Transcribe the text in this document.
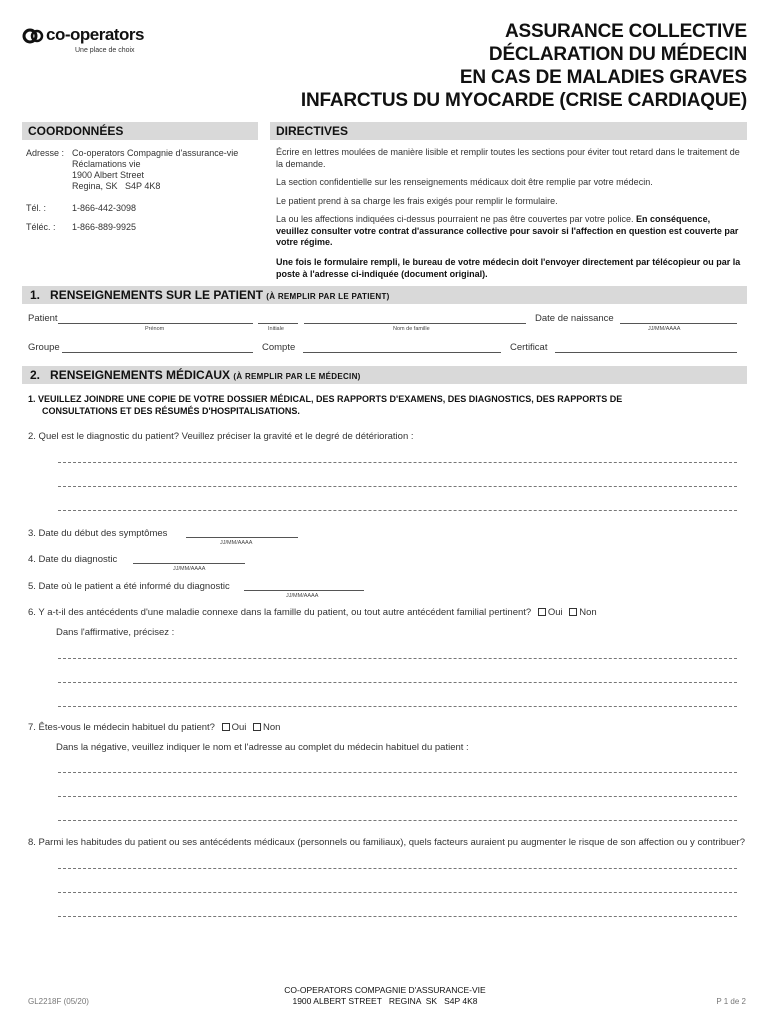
co-operators
Une place de choix
ASSURANCE COLLECTIVE
DÉCLARATION DU MÉDECIN
EN CAS DE MALADIES GRAVES
INFARCTUS DU MYOCARDE (CRISE CARDIAQUE)
COORDONNÉES	DIRECTIVES
Adresse : Co-operators Compagnie d'assurance-vie
Réclamations vie
1900 Albert Street
Regina, SK   S4P 4K8
Tél. :	1-866-442-3098
Téléc. : 1-866-889-9925
Écrire en lettres moulées de manière lisible et remplir toutes les sections pour éviter tout retard dans le traitement de la demande.
La section confidentielle sur les renseignements médicaux doit être remplie par votre médecin.
Le patient prend à sa charge les frais exigés pour remplir le formulaire.
La ou les affections indiquées ci-dessus pourraient ne pas être couvertes par votre police. En conséquence, veuillez consulter votre contrat d'assurance collective pour savoir si l'affection en question est couverte par votre régime.
Une fois le formulaire rempli, le bureau de votre médecin doit l'envoyer directement par télécopieur ou par la poste à l'adresse ci-indiquée (document original).
1. RENSEIGNEMENTS SUR LE PATIENT (À REMPLIR PAR LE PATIENT)
Patient
Prénom	Initiale	Nom de famille
Date de naissance
JJ/MM/AAAA
Groupe	Compte	Certificat
2. RENSEIGNEMENTS MÉDICAUX (À REMPLIR PAR LE MÉDECIN)
1. VEUILLEZ JOINDRE UNE COPIE DE VOTRE DOSSIER MÉDICAL, DES RAPPORTS D'EXAMENS, DES DIAGNOSTICS, DES RAPPORTS DE
CONSULTATIONS ET DES RÉSUMÉS D'HOSPITALISATIONS.
2. Quel est le diagnostic du patient? Veuillez préciser la gravité et le degré de détérioration :
3. Date du début des symptômes
JJ/MM/AAAA
4. Date du diagnostic
JJ/MM/AAAA
5. Date où le patient a été informé du diagnostic
JJ/MM/AAAA
6. Y a-t-il des antécédents d'une maladie connexe dans la famille du patient, ou tout autre antécédent familial pertinent? Oui Non
Dans l'affirmative, précisez :
7. Êtes-vous le médecin habituel du patient? Oui Non
Dans la négative, veuillez indiquer le nom et l'adresse au complet du médecin habituel du patient :
8. Parmi les habitudes du patient ou ses antécédents médicaux (personnels ou familiaux), quels facteurs auraient pu augmenter le risque de son affection ou y contribuer?
CO-OPERATORS COMPAGNIE D'ASSURANCE-VIE
1900 ALBERT STREET   REGINA  SK   S4P 4K8
GL2218F (05/20)	P 1 de 2
